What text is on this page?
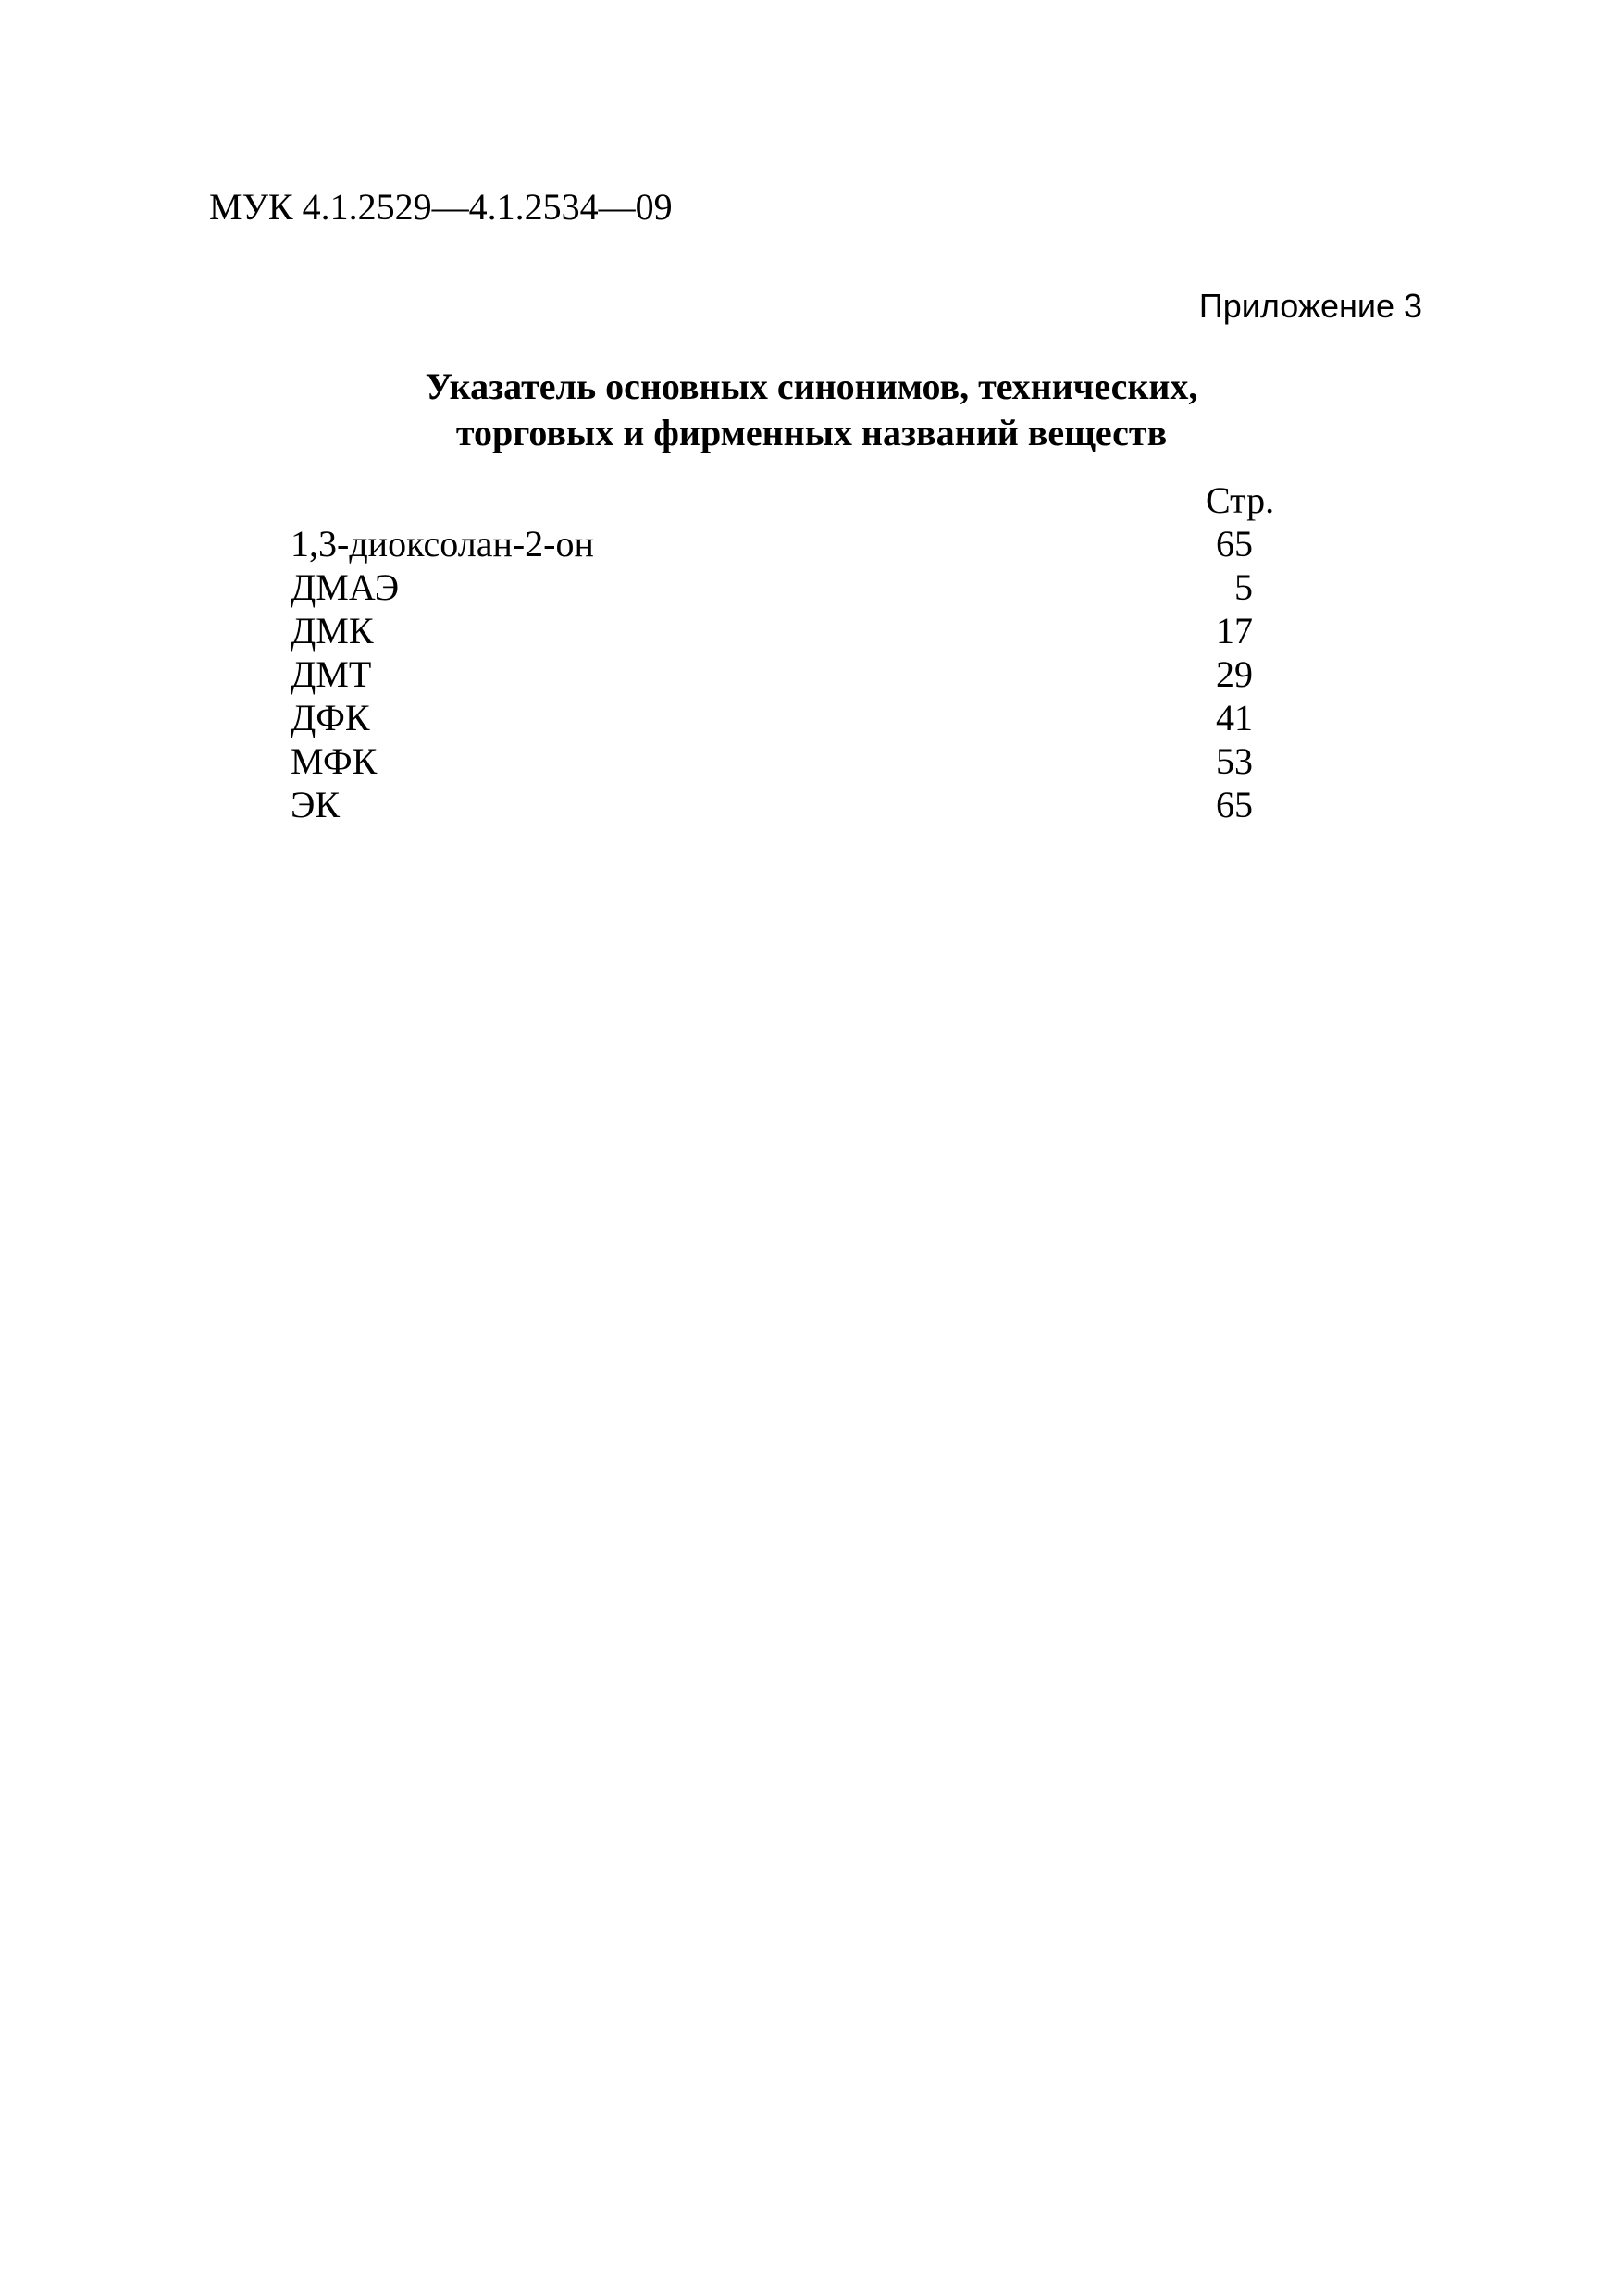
МУК 4.1.2529—4.1.2534—09
Приложение 3
Указатель основных синонимов, технических,
торговых и фирменных названий веществ
Стр.
1,3-диоксолан-2-он	65
ДМАЭ	5
ДМК	17
ДМТ	29
ДФК	41
МФК	53
ЭК	65
